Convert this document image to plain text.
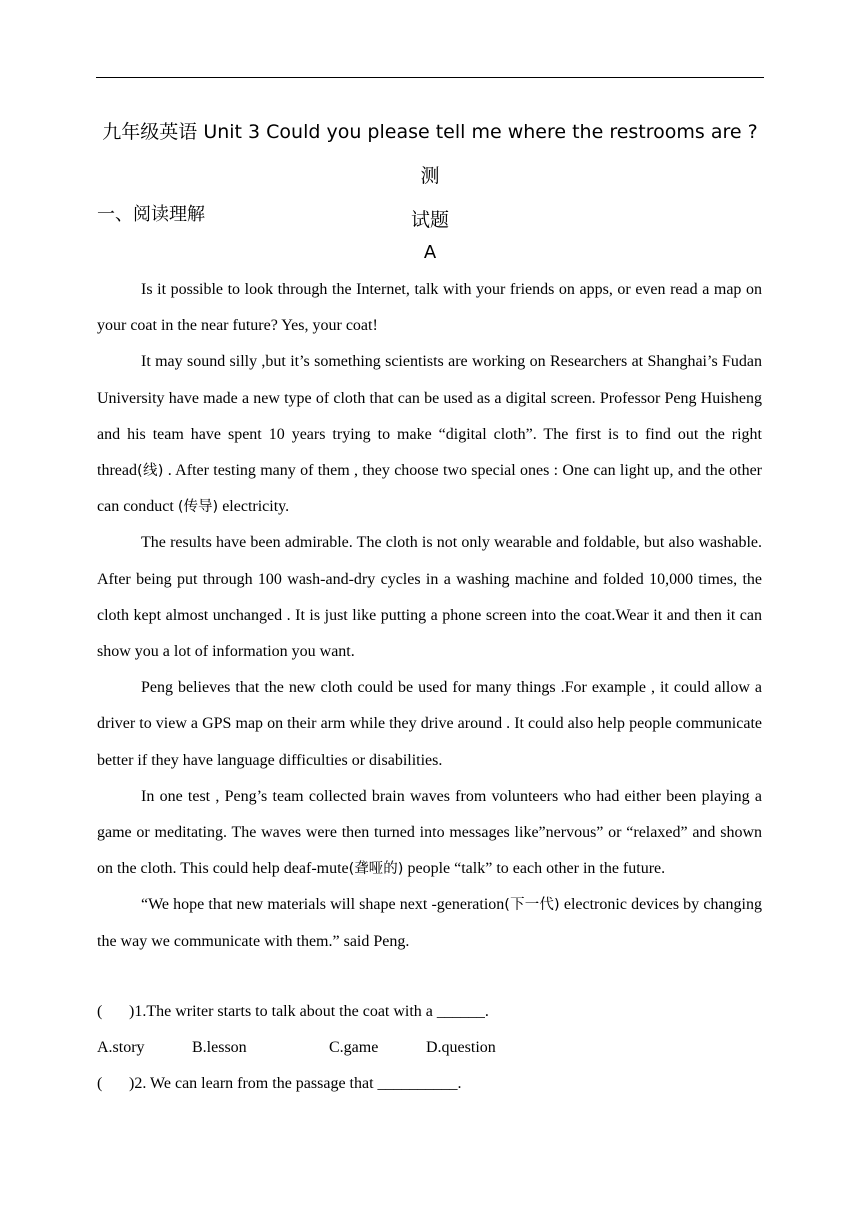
九年级英语 Unit 3 Could you please tell me where the restrooms are ?测
试题
一、阅读理解
A

Is it possible to look through the Internet, talk with your friends on apps, or even read a map on your coat in the near future? Yes, your coat!

It may sound silly ,but it’s something scientists are working on Researchers at Shanghai’s Fudan University have made a new type of cloth that can be used as a digital screen. Professor Peng Huisheng and his team have spent 10 years trying to make “digital cloth”. The first is to find out the right thread(线) . After testing many of them , they choose two special ones : One can light up, and the other can conduct (传导) electricity.

The results have been admirable. The cloth is not only wearable and foldable, but also washable. After being put through 100 wash-and-dry cycles in a washing machine and folded 10,000 times, the cloth kept almost unchanged . It is just like putting a phone screen into the coat.Wear it and then it can show you a lot of information you want.

Peng believes that the new cloth could be used for many things .For example , it could allow a driver to view a GPS map on their arm while they drive around . It could also help people communicate better if they have language difficulties or disabilities.

In one test , Peng’s team collected brain waves from volunteers who had either been playing a game or meditating. The waves were then turned into messages like”nervous” or “relaxed” and shown on the cloth. This could help deaf-mute(聋哑的) people “talk” to each other in the future.

“We hope that new materials will shape next -generation(下一代) electronic devices by changing the way we communicate with them.” said Peng.

( )1.The writer starts to talk about the coat with a ______.

A.story	B.lesson	C.game	D.question

( )2. We can learn from the passage that __________.
